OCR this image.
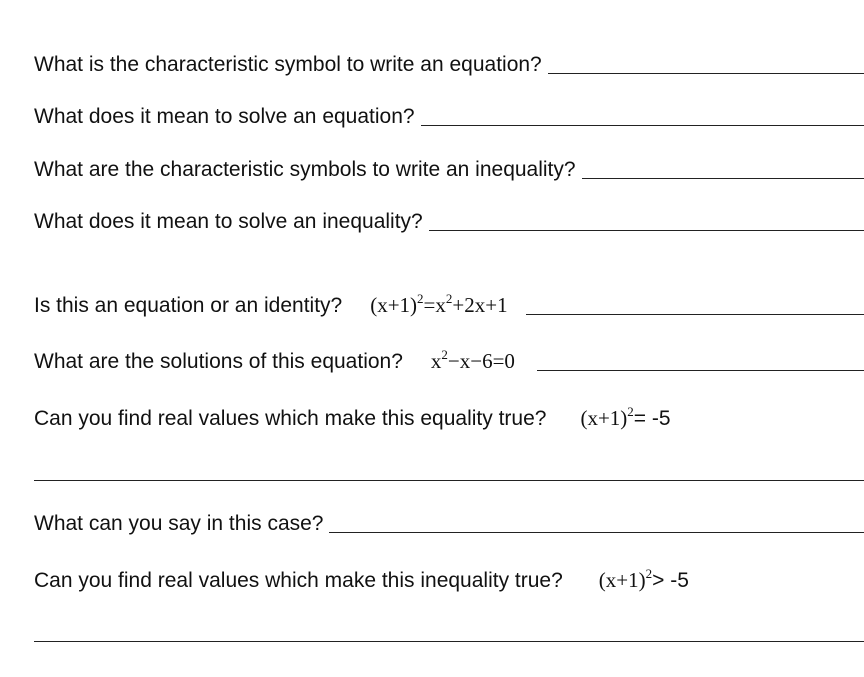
What is the characteristic symbol to write an equation?
What does it mean to solve an equation?
What are the characteristic symbols to write an inequality?
What does it mean to solve an inequality?
Is this an equation or an identity? $(x+1)^2=x^2+2x+1$
What are the solutions of this equation? $x^2-x-6=0$
Can you find real values which make this equality true? $(x+1)^2= -5$
What can you say in this case?
Can you find real values which make this inequality true? $(x+1)^2> -5$
